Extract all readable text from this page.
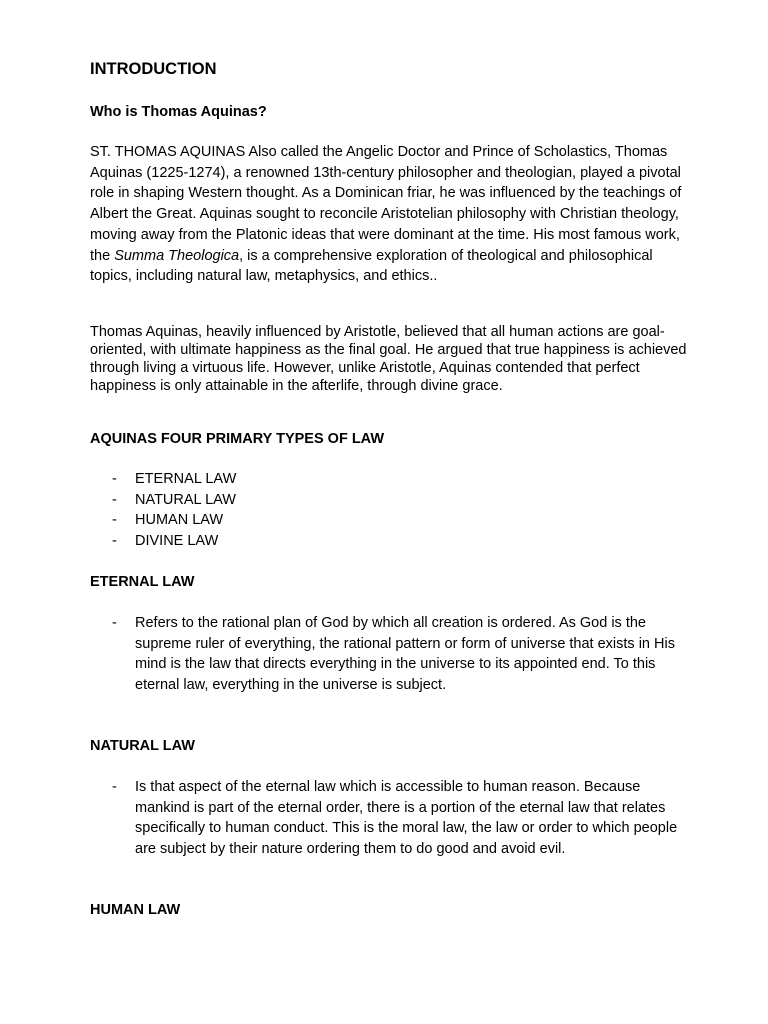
INTRODUCTION
Who is Thomas Aquinas?

ST. THOMAS AQUINAS Also called the Angelic Doctor and Prince of Scholastics, Thomas Aquinas (1225-1274), a renowned 13th-century philosopher and theologian, played a pivotal role in shaping Western thought. As a Dominican friar, he was influenced by the teachings of Albert the Great. Aquinas sought to reconcile Aristotelian philosophy with Christian theology, moving away from the Platonic ideas that were dominant at the time. His most famous work, the Summa Theologica, is a comprehensive exploration of theological and philosophical topics, including natural law, metaphysics, and ethics..

Thomas Aquinas, heavily influenced by Aristotle, believed that all human actions are goal-oriented, with ultimate happiness as the final goal. He argued that true happiness is achieved through living a virtuous life. However, unlike Aristotle, Aquinas contended that perfect happiness is only attainable in the afterlife, through divine grace.

AQUINAS FOUR PRIMARY TYPES OF LAW
- ETERNAL LAW
- NATURAL LAW
- HUMAN LAW
- DIVINE LAW
ETERNAL LAW
- Refers to the rational plan of God by which all creation is ordered. As God is the supreme ruler of everything, the rational pattern or form of universe that exists in His mind is the law that directs everything in the universe to its appointed end. To this eternal law, everything in the universe is subject.
NATURAL LAW
- Is that aspect of the eternal law which is accessible to human reason. Because mankind is part of the eternal order, there is a portion of the eternal law that relates specifically to human conduct. This is the moral law, the law or order to which people are subject by their nature ordering them to do good and avoid evil.
HUMAN LAW
